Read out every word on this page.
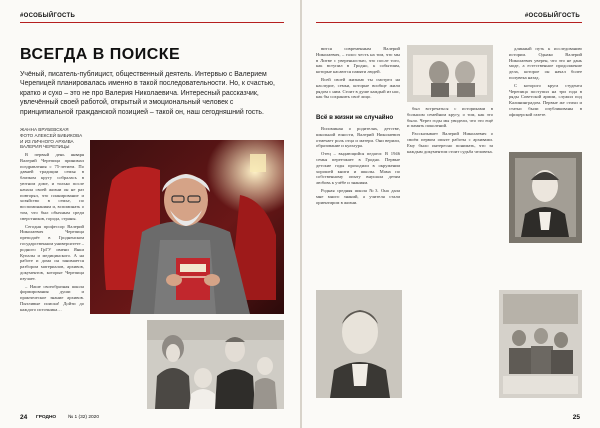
#ОСОБЫЙГОСТЬ
ВСЕГДА В ПОИСКЕ
Учёный, писатель-публицист, общественный деятель. Интервью с Валерием Черепицей планировалась именно в такой последовательности. Но, к счастью, кратко и сухо – это не про Валерия Николаевича. Интересный рассказчик, увлечённый своей работой, открытый и эмоциональный человек с принципиальной гражданской позицией – такой он, наш сегодняшний гость.
ЖАННА ВРУБЕВСКАЯ
ФОТО АЛЕКСЕЙ БИБИКОВА
И ИЗ ЛИЧНОГО АРХИВА
ВАЛЕРИЯ ЧЕРЕПИЦЫ
В первый день января Валерий Черепица принимал поздравления с 75-летием. По давней традиции семья в близком кругу собралась в уютном доме, и только после начала своей жизни он не раз повторял, что планирование и хозяйство в семье, по воспоминаниям и, вспоминать о том, что был обычным среди сверстников, города, страны.
Сегодня профессор Валерий Николаевич Черепица преподаёт в Гродненском государственном университете – родного ГрГУ имени Янки Купалы и медицинского. А на работе и дома он занимается разбором материалов, архивов, документов, которые Черепица изучает.
– Наше своеобразная школа формирования души и практическое знание архивов. Пытливые поиски! Дойти до каждого источника…
24 ГРОДНО № 1 (32) 2020
#ОСОБЫЙГОСТЬ
вится современным Валерий Николаевич, – голос честь на том, что мы в Литве с уверенностью, что после того, как вступил в Гродно, к событиям, которые касаются памяти людей.
Всей своей жизнью ты смотрел на наследие, семьи, которые вообще жили рядом с ним. Стоит в душе каждый из нас, как бы сохранить своё лицо.
Всё в жизни не случайно
Вспоминая о родителях, детстве, школьной юности, Валерий Николаевич отмечает роль отца и матери. Они верили, образование и культура.
Отец – выдающийся педагог. В 1946 семья переезжает в Гродно. Первые детские годы проходили в окружении хорошей книги и школы. Мама по собственному опыту внушала детям любовь к учёбе и знаниям.
Родная средняя школа №3. Она дала мне много знаний, а учителя стали ориентиром в жизни.
был встречаться с историками в большом семейном кругу, о том, как это было. Через годы мы увидели, что это ещё и память поколений.
Рассказывает Валерий Николаевич о своём первом опыте работы с архивами. Ему было интересно понимать, что за каждым документом стоит судьба человека.
длинный путь к исследованию истории. Однако Валерий Николаевич уверен, что это не дань моде, а естественное продолжение дела, которое он начал более полувека назад.
С которого круга студента Черепица поступил на три года в ряды Советской армии, служил под Калининградом. Первые же стихи и статьи были опубликованы в офицерской газете.
25
